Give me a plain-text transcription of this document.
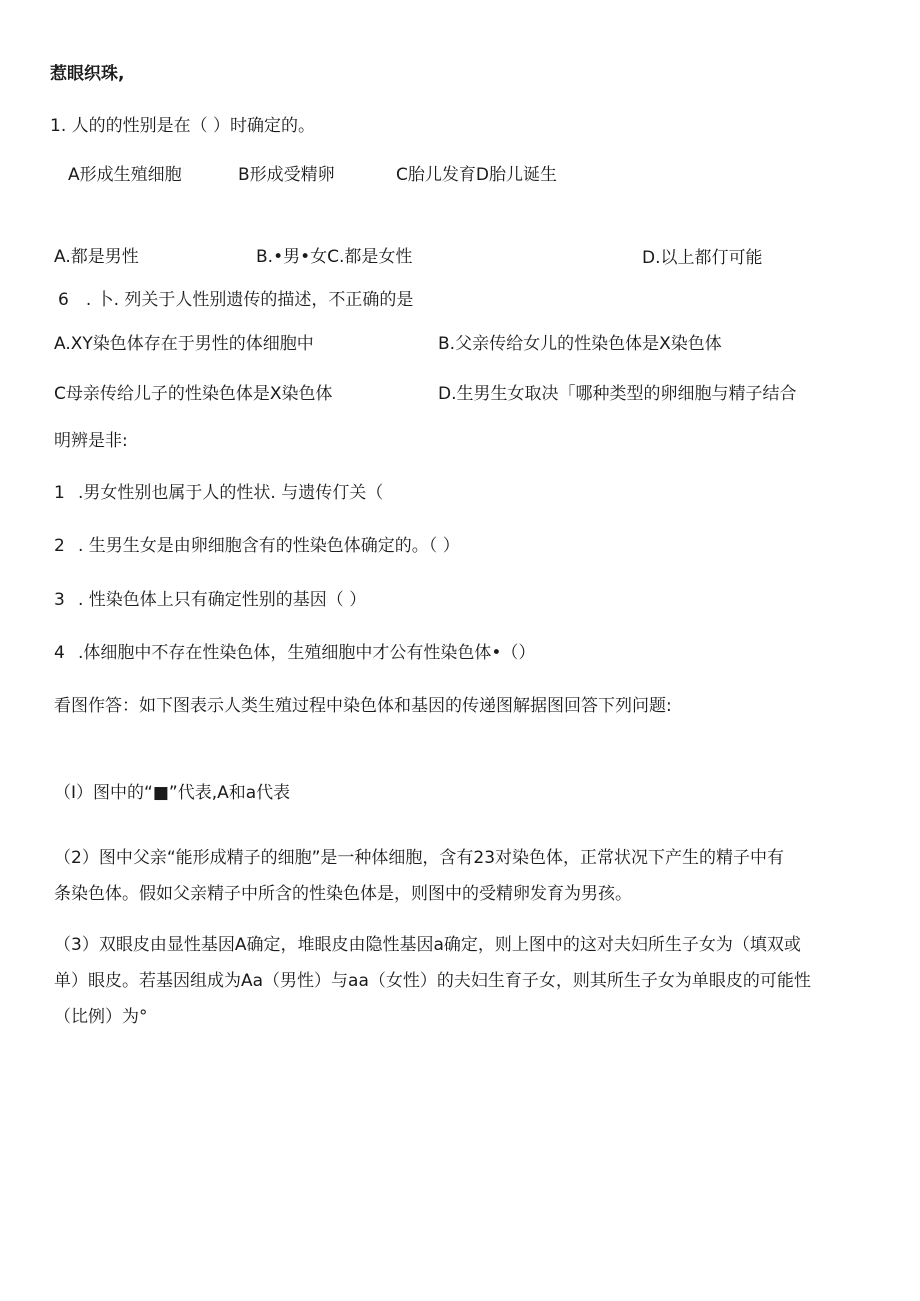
惹眼织珠,
1. 人的的性别是在（ ）时确定的。
A形成生殖细胞	B形成受精卵	C胎儿发育D胎儿诞生
A.都是男性	B.•男•女C.都是女性	D.以上都仃可能
6　. 卜. 列关于人性别遗传的描述，不正确的是
A.XY染色体存在于男性的体细胞中	B.父亲传给女儿的性染色体是X染色体
C母亲传给儿子的性染色体是X染色体	D.生男生女取决「哪种类型的卵细胞与精子结合
明辨是非:
1 .男女性别也属于人的性状. 与遗传仃关（
2 . 生男生女是由卵细胞含有的性染色体确定的。（ ）
3 . 性染色体上只有确定性别的基因（ ）
4 .体细胞中不存在性染色体，生殖细胞中才公有性染色体•（）
看图作答：如下图表示人类生殖过程中染色体和基因的传递图解据图回答下列问题:
（I）图中的“■”代表,A和a代表
（2）图中父亲“能形成精子的细胞”是一种体细胞，含有23对染色体，正常状况下产生的精子中有
条染色体。假如父亲精子中所含的性染色体是，则图中的受精卵发育为男孩。
（3）双眼皮由显性基因A确定，堆眼皮由隐性基因a确定，则上图中的这对夫妇所生子女为（填双或
单）眼皮。若基因组成为Aa（男性）与aa（女性）的夫妇生育子女，则其所生子女为单眼皮的可能性
（比例）为°
